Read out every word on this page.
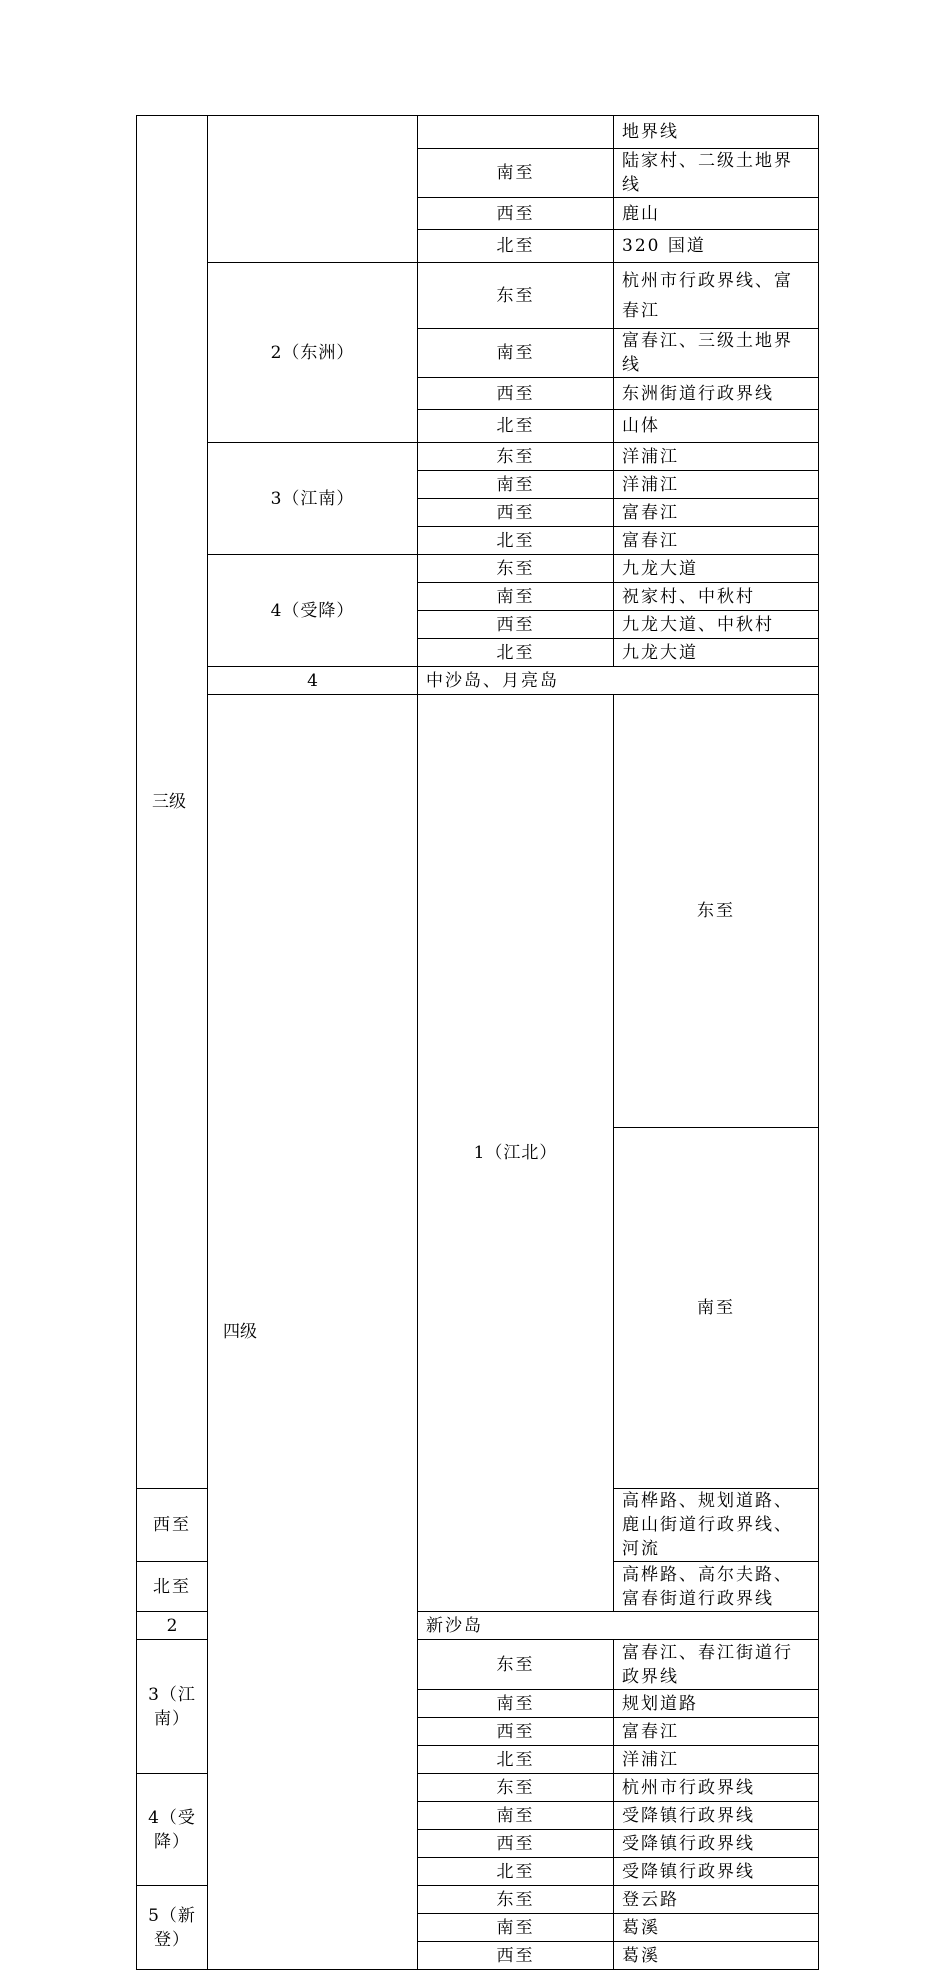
三级			地界线	
		南至	陆家村、二级土地界线	
		西至	鹿山	
		北至	320 国道	
	2（东洲）	东至	杭州市行政界线、富春江	
		南至	富春江、三级土地界线	
		西至	东洲街道行政界线	
		北至	山体	
	3（江南）	东至	洋浦江	
		南至	洋浦江	
		西至	富春江	
		北至	富春江	
	4（受降）	东至	九龙大道	
		南至	祝家村、中秋村	
		西至	九龙大道、中秋村	
		北至	九龙大道	
	4	中沙岛、月亮岛		
	四级	1（江北）	东至	
			南至	
西至			高桦路、规划道路、鹿山街道行政界线、河流	
北至			高桦路、高尔夫路、富春街道行政界线	
2		新沙岛		
3（江南）		东至	富春江、春江街道行政界线	
		南至	规划道路	
		西至	富春江	
		北至	洋浦江	
4（受降）		东至	杭州市行政界线	
		南至	受降镇行政界线	
		西至	受降镇行政界线	
		北至	受降镇行政界线	
5（新登）		东至	登云路	
		南至	葛溪	
		西至	葛溪	
